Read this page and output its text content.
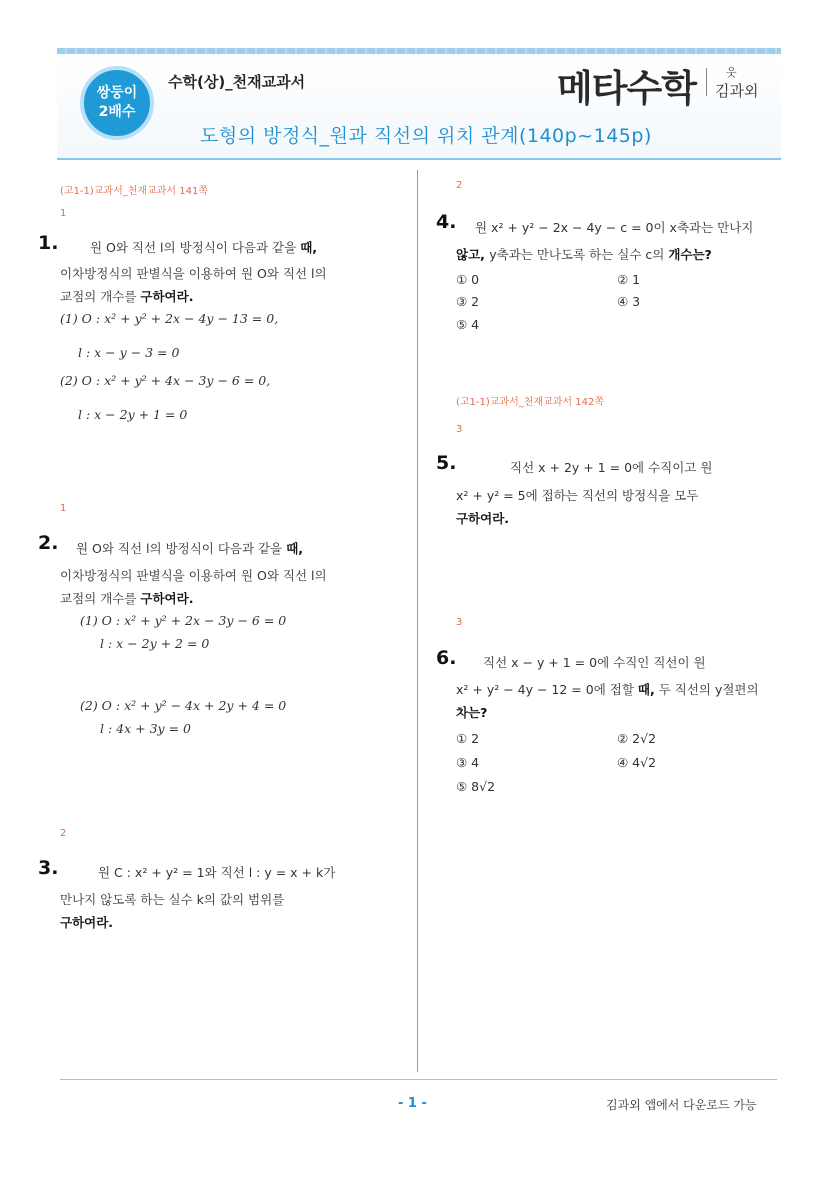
쌍둥이
2배수
수학(상)_천재교과서
도형의 방정식_원과 직선의 위치 관계(140p~145p)
메타수학	웃
김과외
(고1-1)교과서_천재교과서 141쪽
1
1.	원 O와 직선 l의 방정식이 다음과 같을 때,
이차방정식의 판별식을 이용하여 원 O와 직선 l의
교점의 개수를 구하여라.
(1) O : x² + y² + 2x − 4y − 13 = 0,
l : x − y − 3 = 0
(2) O : x² + y² + 4x − 3y − 6 = 0,
l : x − 2y + 1 = 0
1
2.	원 O와 직선 l의 방정식이 다음과 같을 때,
이차방정식의 판별식을 이용하여 원 O와 직선 l의
교점의 개수를 구하여라.
(1) O : x² + y² + 2x − 3y − 6 = 0
l : x − 2y + 2 = 0
(2) O : x² + y² − 4x + 2y + 4 = 0
l : 4x + 3y = 0
2
3.	원 C : x² + y² = 1와 직선 l : y = x + k가
만나지 않도록 하는 실수 k의 값의 범위를
구하여라.
2
4. 원 x² + y² − 2x − 4y − c = 0이 x축과는 만나지
않고, y축과는 만나도록 하는 실수 c의 개수는?
① 0	② 1
③ 2	④ 3
⑤ 4
(고1-1)교과서_천재교과서 142쪽
3
5.	직선 x + 2y + 1 = 0에 수직이고 원
x² + y² = 5에 접하는 직선의 방정식을 모두
구하여라.
3
6. 직선 x − y + 1 = 0에 수직인 직선이 원
x² + y² − 4y − 12 = 0에 접할 때, 두 직선의 y절편의
차는?
① 2	② 2√2
③ 4	④ 4√2
⑤ 8√2
- 1 -	김과외 앱에서 다운로드 가능
